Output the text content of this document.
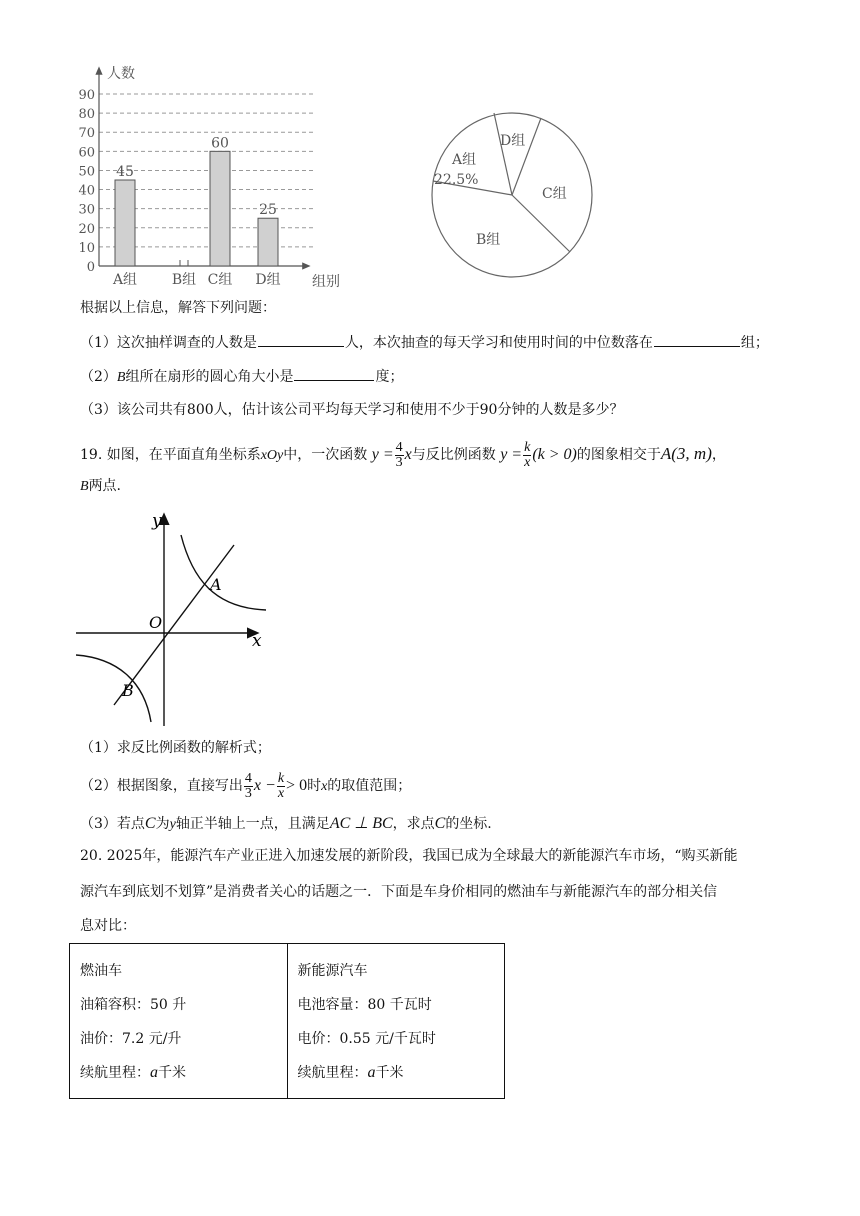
0
10
20
30
40
50
60
70
80
90
45
60
25
A组 B组 C组 D组
人数
组别
D组
A组
22.5%
C组
B组
根据以上信息，解答下列问题：
（1）这次抽样调查的人数是	人，本次抽查的每天学习和使用时间的中位数落在	组；
（2）B组所在扇形的圆心角大小是	度；
（3）该公司共有800人，估计该公司平均每天学习和使用不少于90分钟的人数是多少？
19. 如图，在平面直角坐标系xOy中，一次函数 $y = \frac{4}{3}$ x与反比例函数 $y = \frac{k}{x} (k > 0)$的图象相交于A(3, m)，
B两点.
y
x
O
A
B
（1）求反比例函数的解析式；
（2）根据图象，直接写出 $\frac{4}{3}$ $x - \frac{k}{x} > 0$时x的取值范围；
（3）若点C为y轴正半轴上一点，且满足AC ⊥ BC，求点C的坐标.
20. 2025年，能源汽车产业正进入加速发展的新阶段，我国已成为全球最大的新能源汽车市场，“购买新能
源汽车到底划不划算”是消费者关心的话题之一．下面是车身价相同的燃油车与新能源汽车的部分相关信
息对比：
燃油车
油箱容积：50 升
油价：7.2 元/升
续航里程：a千米

新能源汽车
电池容量：80 千瓦时
电价：0.55 元/千瓦时
续航里程：a千米
